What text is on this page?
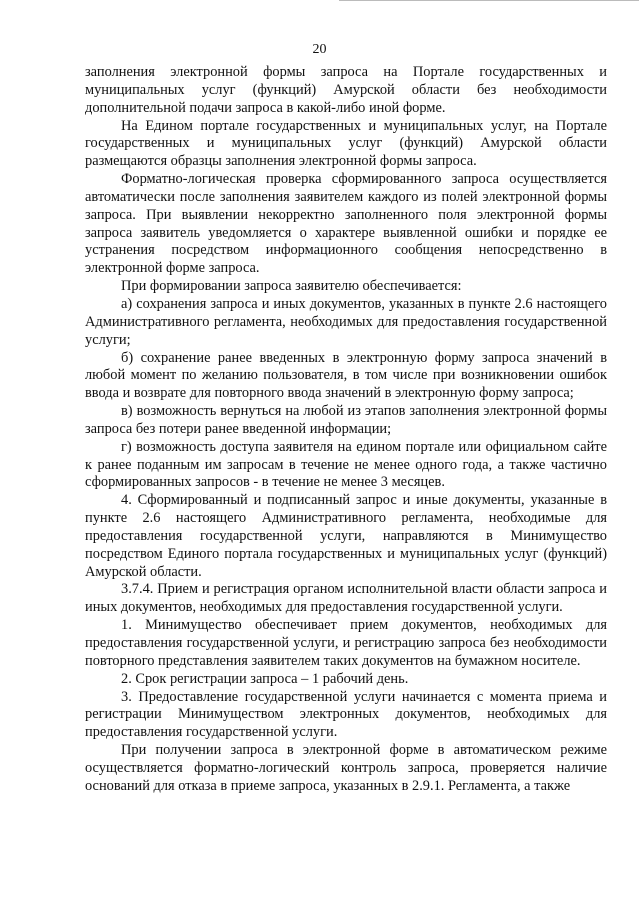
20

заполнения электронной формы запроса на Портале государственных и муниципальных услуг (функций) Амурской области без необходимости дополнительной подачи запроса в какой-либо иной форме.

На Едином портале государственных и муниципальных услуг, на Портале государственных и муниципальных услуг (функций) Амурской области размещаются образцы заполнения электронной формы запроса.

Форматно-логическая проверка сформированного запроса осуществляется автоматически после заполнения заявителем каждого из полей электронной формы запроса. При выявлении некорректно заполненного поля электронной формы запроса заявитель уведомляется о характере выявленной ошибки и порядке ее устранения посредством информационного сообщения непосредственно в электронной форме запроса.

При формировании запроса заявителю обеспечивается:

а) сохранения запроса и иных документов, указанных в пункте 2.6 настоящего Административного регламента, необходимых для предоставления государственной услуги;

б) сохранение ранее введенных в электронную форму запроса значений в любой момент по желанию пользователя, в том числе при возникновении ошибок ввода и возврате для повторного ввода значений в электронную форму запроса;

в) возможность вернуться на любой из этапов заполнения электронной формы запроса без потери ранее введенной информации;

г) возможность доступа заявителя на едином портале или официальном сайте к ранее поданным им запросам в течение не менее одного года, а также частично сформированных запросов - в течение не менее 3 месяцев.

4. Сформированный и подписанный запрос и иные документы, указанные в пункте 2.6 настоящего Административного регламента, необходимые для предоставления государственной услуги, направляются в Минимущество посредством Единого портала государственных и муниципальных услуг (функций) Амурской области.

3.7.4. Прием и регистрация органом исполнительной власти области запроса и иных документов, необходимых для предоставления государственной услуги.

1. Минимущество обеспечивает прием документов, необходимых для предоставления государственной услуги, и регистрацию запроса без необходимости повторного представления заявителем таких документов на бумажном носителе.

2. Срок регистрации запроса – 1 рабочий день.

3. Предоставление государственной услуги начинается с момента приема и регистрации Минимуществом электронных документов, необходимых для предоставления государственной услуги.

При получении запроса в электронной форме в автоматическом режиме осуществляется форматно-логический контроль запроса, проверяется наличие оснований для отказа в приеме запроса, указанных в 2.9.1. Регламента, а также
